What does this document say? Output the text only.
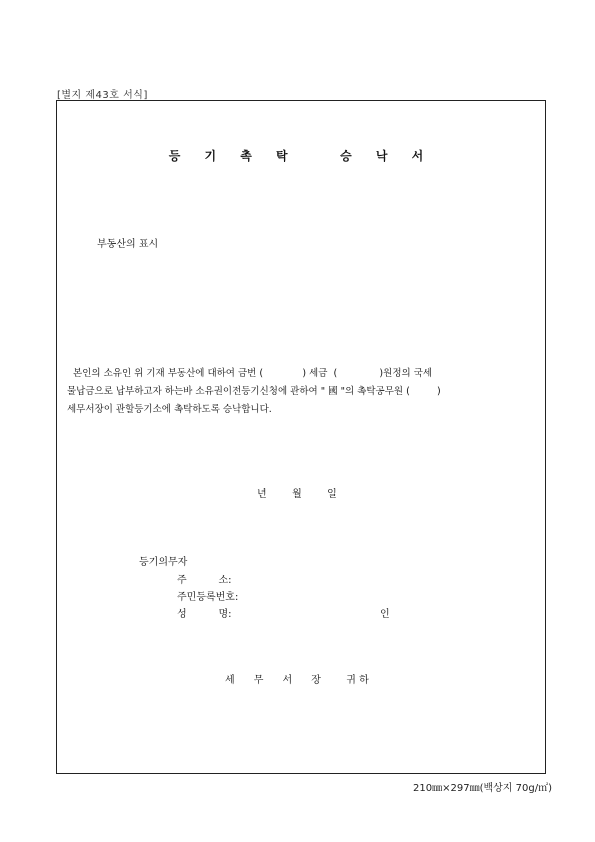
[별지 제43호 서식]
등 기 촉 탁   승 낙 서
부동산의 표시

본인의 소유인 위 기재 부동산에 대하여 금번 (             ) 세금  (              )원정의 국세

물납금으로 납부하고자 하는바 소유권이전등기신청에 관하여 " 國 "의 촉탁공무원 (         )

세무서장이 관할등기소에 촉탁하도록 승낙합니다.

년        월        일
등기의무자
주          소:
주민등록번호:
성          명:	인
세      무      서      장        귀 하
210㎜×297㎜(백상지 70g/㎡)
